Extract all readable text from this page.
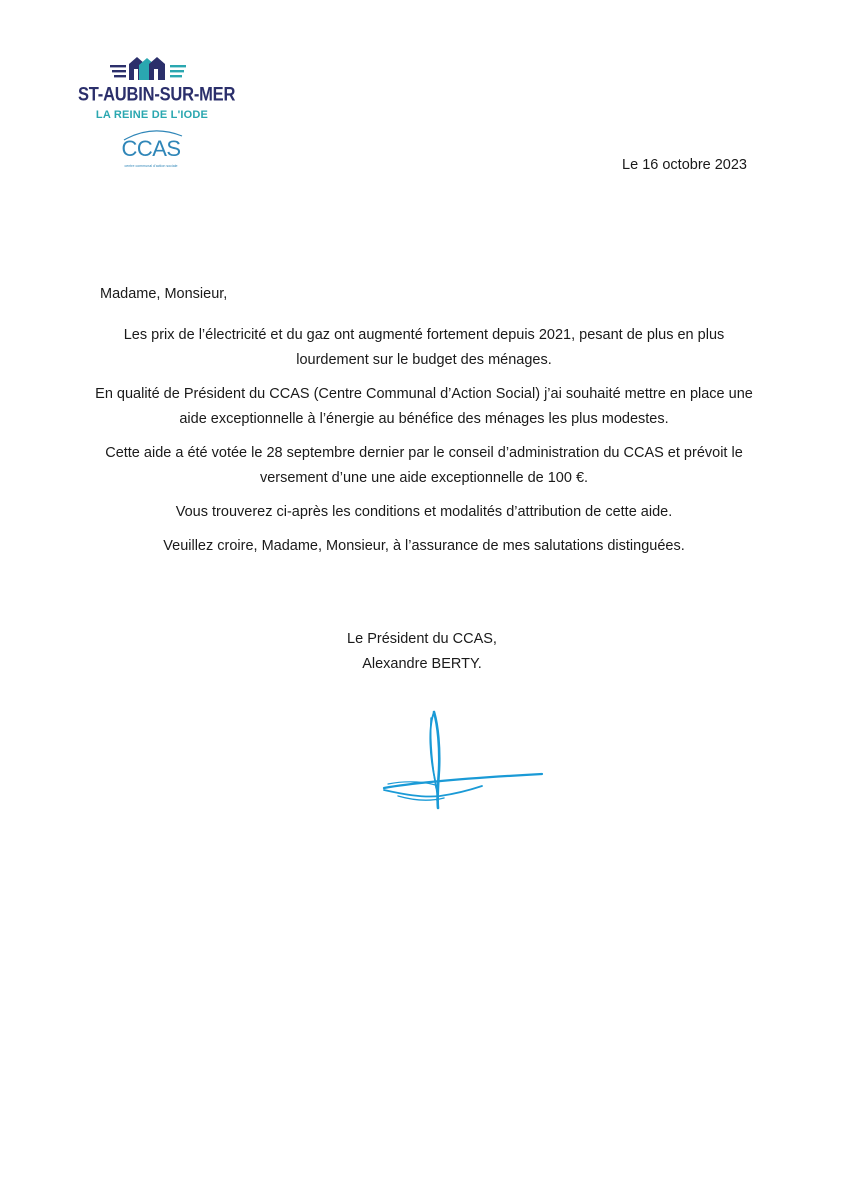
ST-AUBIN-SUR-MER
LA REINE DE L'IODE
CCAS
centre communal d'action sociale	Le 16 octobre 2023
Madame, Monsieur,

Les prix de l’électricité et du gaz ont augmenté fortement depuis 2021, pesant de plus en plus lourdement sur le budget des ménages.

En qualité de Président du CCAS (Centre Communal d’Action Social) j’ai souhaité mettre en place une aide exceptionnelle à l’énergie au bénéfice des ménages les plus modestes.

Cette aide a été votée le 28 septembre dernier par le conseil d’administration du CCAS et prévoit le versement d’une une aide exceptionnelle de 100 €.

Vous trouverez ci-après les conditions et modalités d’attribution de cette aide.

Veuillez croire, Madame, Monsieur, à l’assurance de mes salutations distinguées.

Le Président du CCAS,
Alexandre BERTY.
